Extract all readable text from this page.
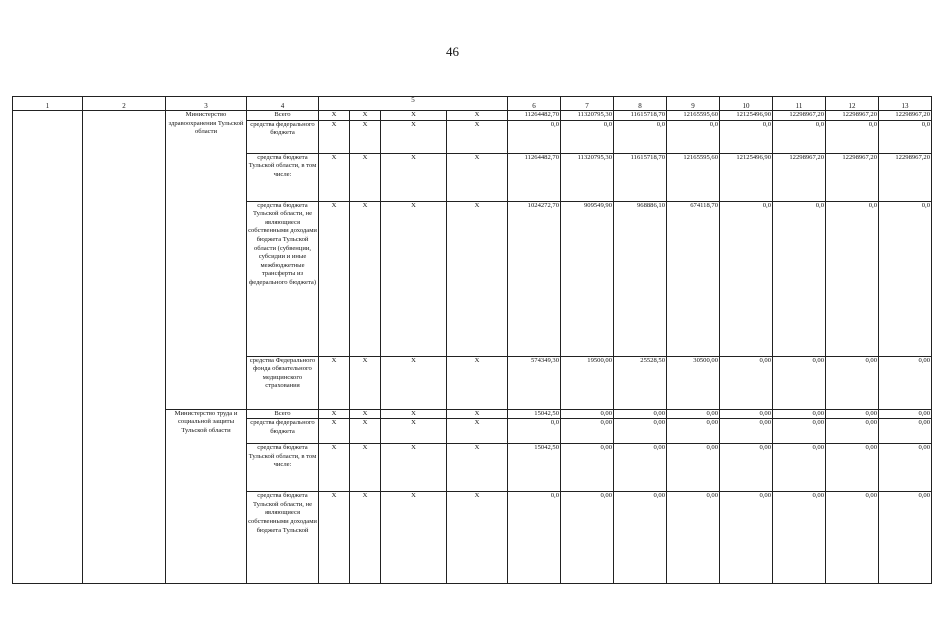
46
1	2	3	4	5				6	7	8	9	10	11	12	13
		Министерство здравоохранения Тульской области	Всего	Х	Х	Х	Х	11264482,70	11320795,30	11615718,70	12165595,60	12125496,90	12298967,20	12298967,20	12298967,20
			средства федерального бюджета	Х	Х	Х	Х	0,0	0,0	0,0	0,0	0,0	0,0	0,0	0,0
			средства бюджета Тульской области, в том числе:	Х	Х	Х	Х	11264482,70	11320795,30	11615718,70	12165595,60	12125496,90	12298967,20	12298967,20	12298967,20
			средства бюджета Тульской области, не являющиеся собственными доходами бюджета Тульской области (субвенции, субсидии и иные межбюджетные трансферты из федерального бюджета)	Х	Х	Х	Х	1024272,70	909549,90	968886,10	674118,70	0,0	0,0	0,0	0,0
			средства Федерального фонда обязательного медицинского страхования	Х	Х	Х	Х	574349,30	19500,00	25528,50	30500,00	0,00	0,00	0,00	0,00
		Министерство труда и социальной защиты Тульской области	Всего	Х	Х	Х	Х	15042,50	0,00	0,00	0,00	0,00	0,00	0,00	0,00
			средства федерального бюджета	Х	Х	Х	Х	0,0	0,00	0,00	0,00	0,00	0,00	0,00	0,00
			средства бюджета Тульской области, в том числе:	Х	Х	Х	Х	15042,50	0,00	0,00	0,00	0,00	0,00	0,00	0,00
			средства бюджета Тульской области, не являющиеся собственными доходами бюджета Тульской	Х	Х	Х	Х	0,0	0,00	0,00	0,00	0,00	0,00	0,00	0,00
